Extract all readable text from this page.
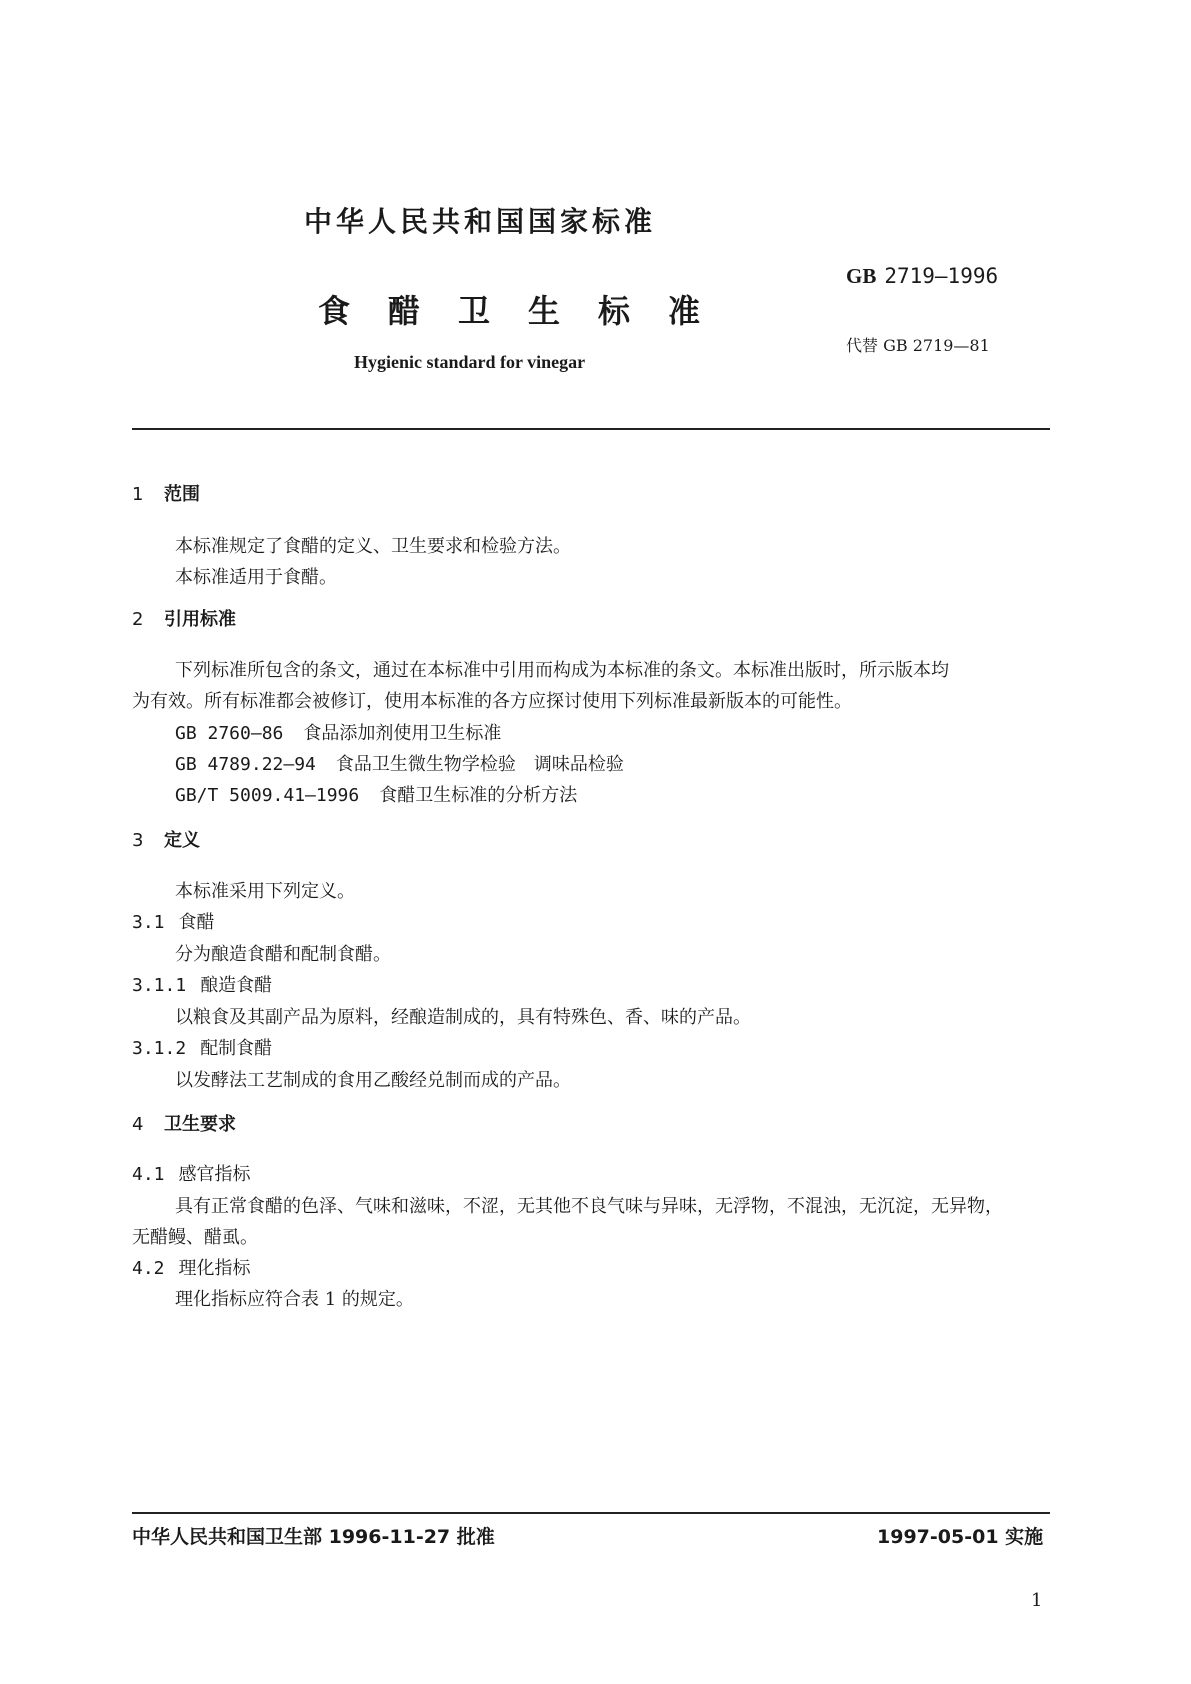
中华人民共和国国家标准
食醋卫生标准
Hygienic standard for vinegar
GB 2719—1996
代替 GB 2719—81
1 范围
本标准规定了食醋的定义、卫生要求和检验方法。
本标准适用于食醋。
2 引用标准
下列标准所包含的条文，通过在本标准中引用而构成为本标准的条文。本标准出版时，所示版本均
为有效。所有标准都会被修订，使用本标准的各方应探讨使用下列标准最新版本的可能性。
GB 2760—86 食品添加剂使用卫生标准
GB 4789.22—94 食品卫生微生物学检验　调味品检验
GB/T 5009.41—1996 食醋卫生标准的分析方法
3 定义
本标准采用下列定义。
3.1 食醋
分为酿造食醋和配制食醋。
3.1.1 酿造食醋
以粮食及其副产品为原料，经酿造制成的，具有特殊色、香、味的产品。
3.1.2 配制食醋
以发酵法工艺制成的食用乙酸经兑制而成的产品。
4 卫生要求
4.1 感官指标
具有正常食醋的色泽、气味和滋味，不涩，无其他不良气味与异味，无浮物，不混浊，无沉淀，无异物，
无醋鳗、醋虱。
4.2 理化指标
理化指标应符合表 1 的规定。
中华人民共和国卫生部 1996-11-27 批准	1997-05-01 实施
1
